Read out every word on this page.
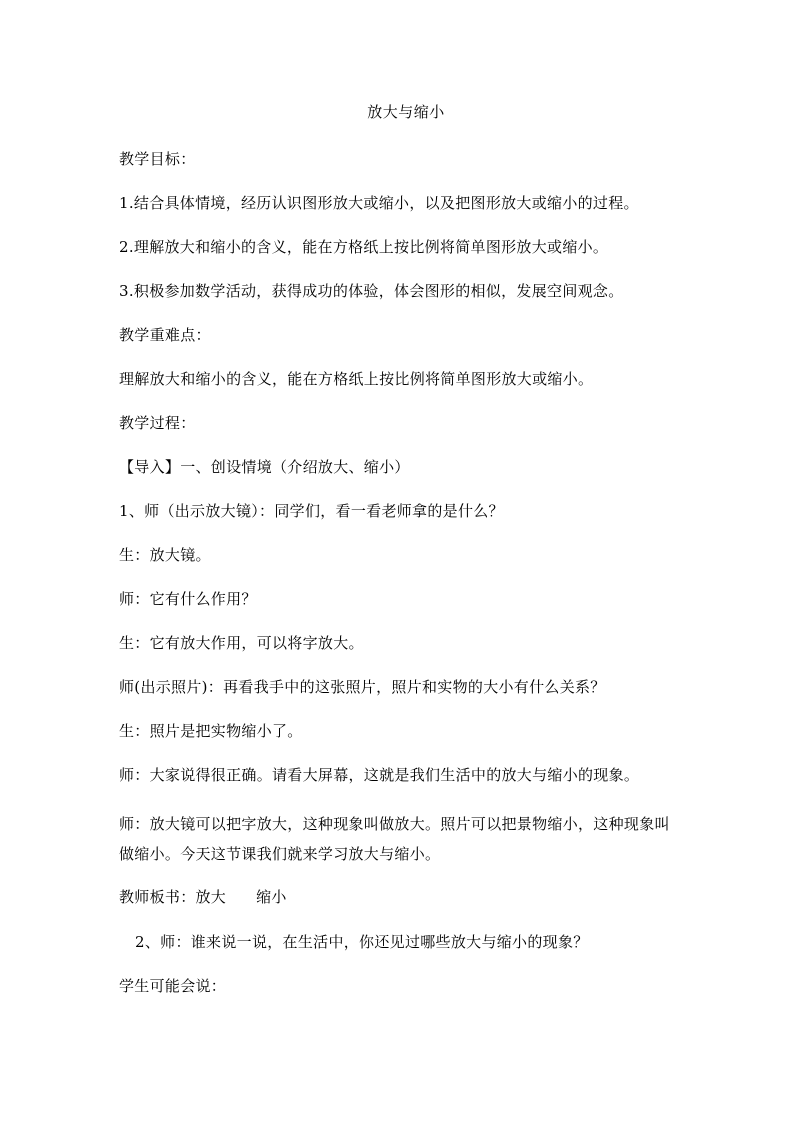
放大与缩小
教学目标：
1.结合具体情境，经历认识图形放大或缩小，以及把图形放大或缩小的过程。
2.理解放大和缩小的含义，能在方格纸上按比例将简单图形放大或缩小。
3.积极参加数学活动，获得成功的体验，体会图形的相似，发展空间观念。
教学重难点：
理解放大和缩小的含义，能在方格纸上按比例将简单图形放大或缩小。
教学过程：
【导入】一、创设情境（介绍放大、缩小）
1、师（出示放大镜）：同学们，看一看老师拿的是什么？
生：放大镜。
师：它有什么作用？
生：它有放大作用，可以将字放大。
师(出示照片)：再看我手中的这张照片，照片和实物的大小有什么关系？
生：照片是把实物缩小了。
师：大家说得很正确。请看大屏幕，这就是我们生活中的放大与缩小的现象。
师：放大镜可以把字放大，这种现象叫做放大。照片可以把景物缩小，这种现象叫做缩小。今天这节课我们就来学习放大与缩小。
教师板书：放大 缩小
2、师：谁来说一说，在生活中，你还见过哪些放大与缩小的现象？
学生可能会说：
